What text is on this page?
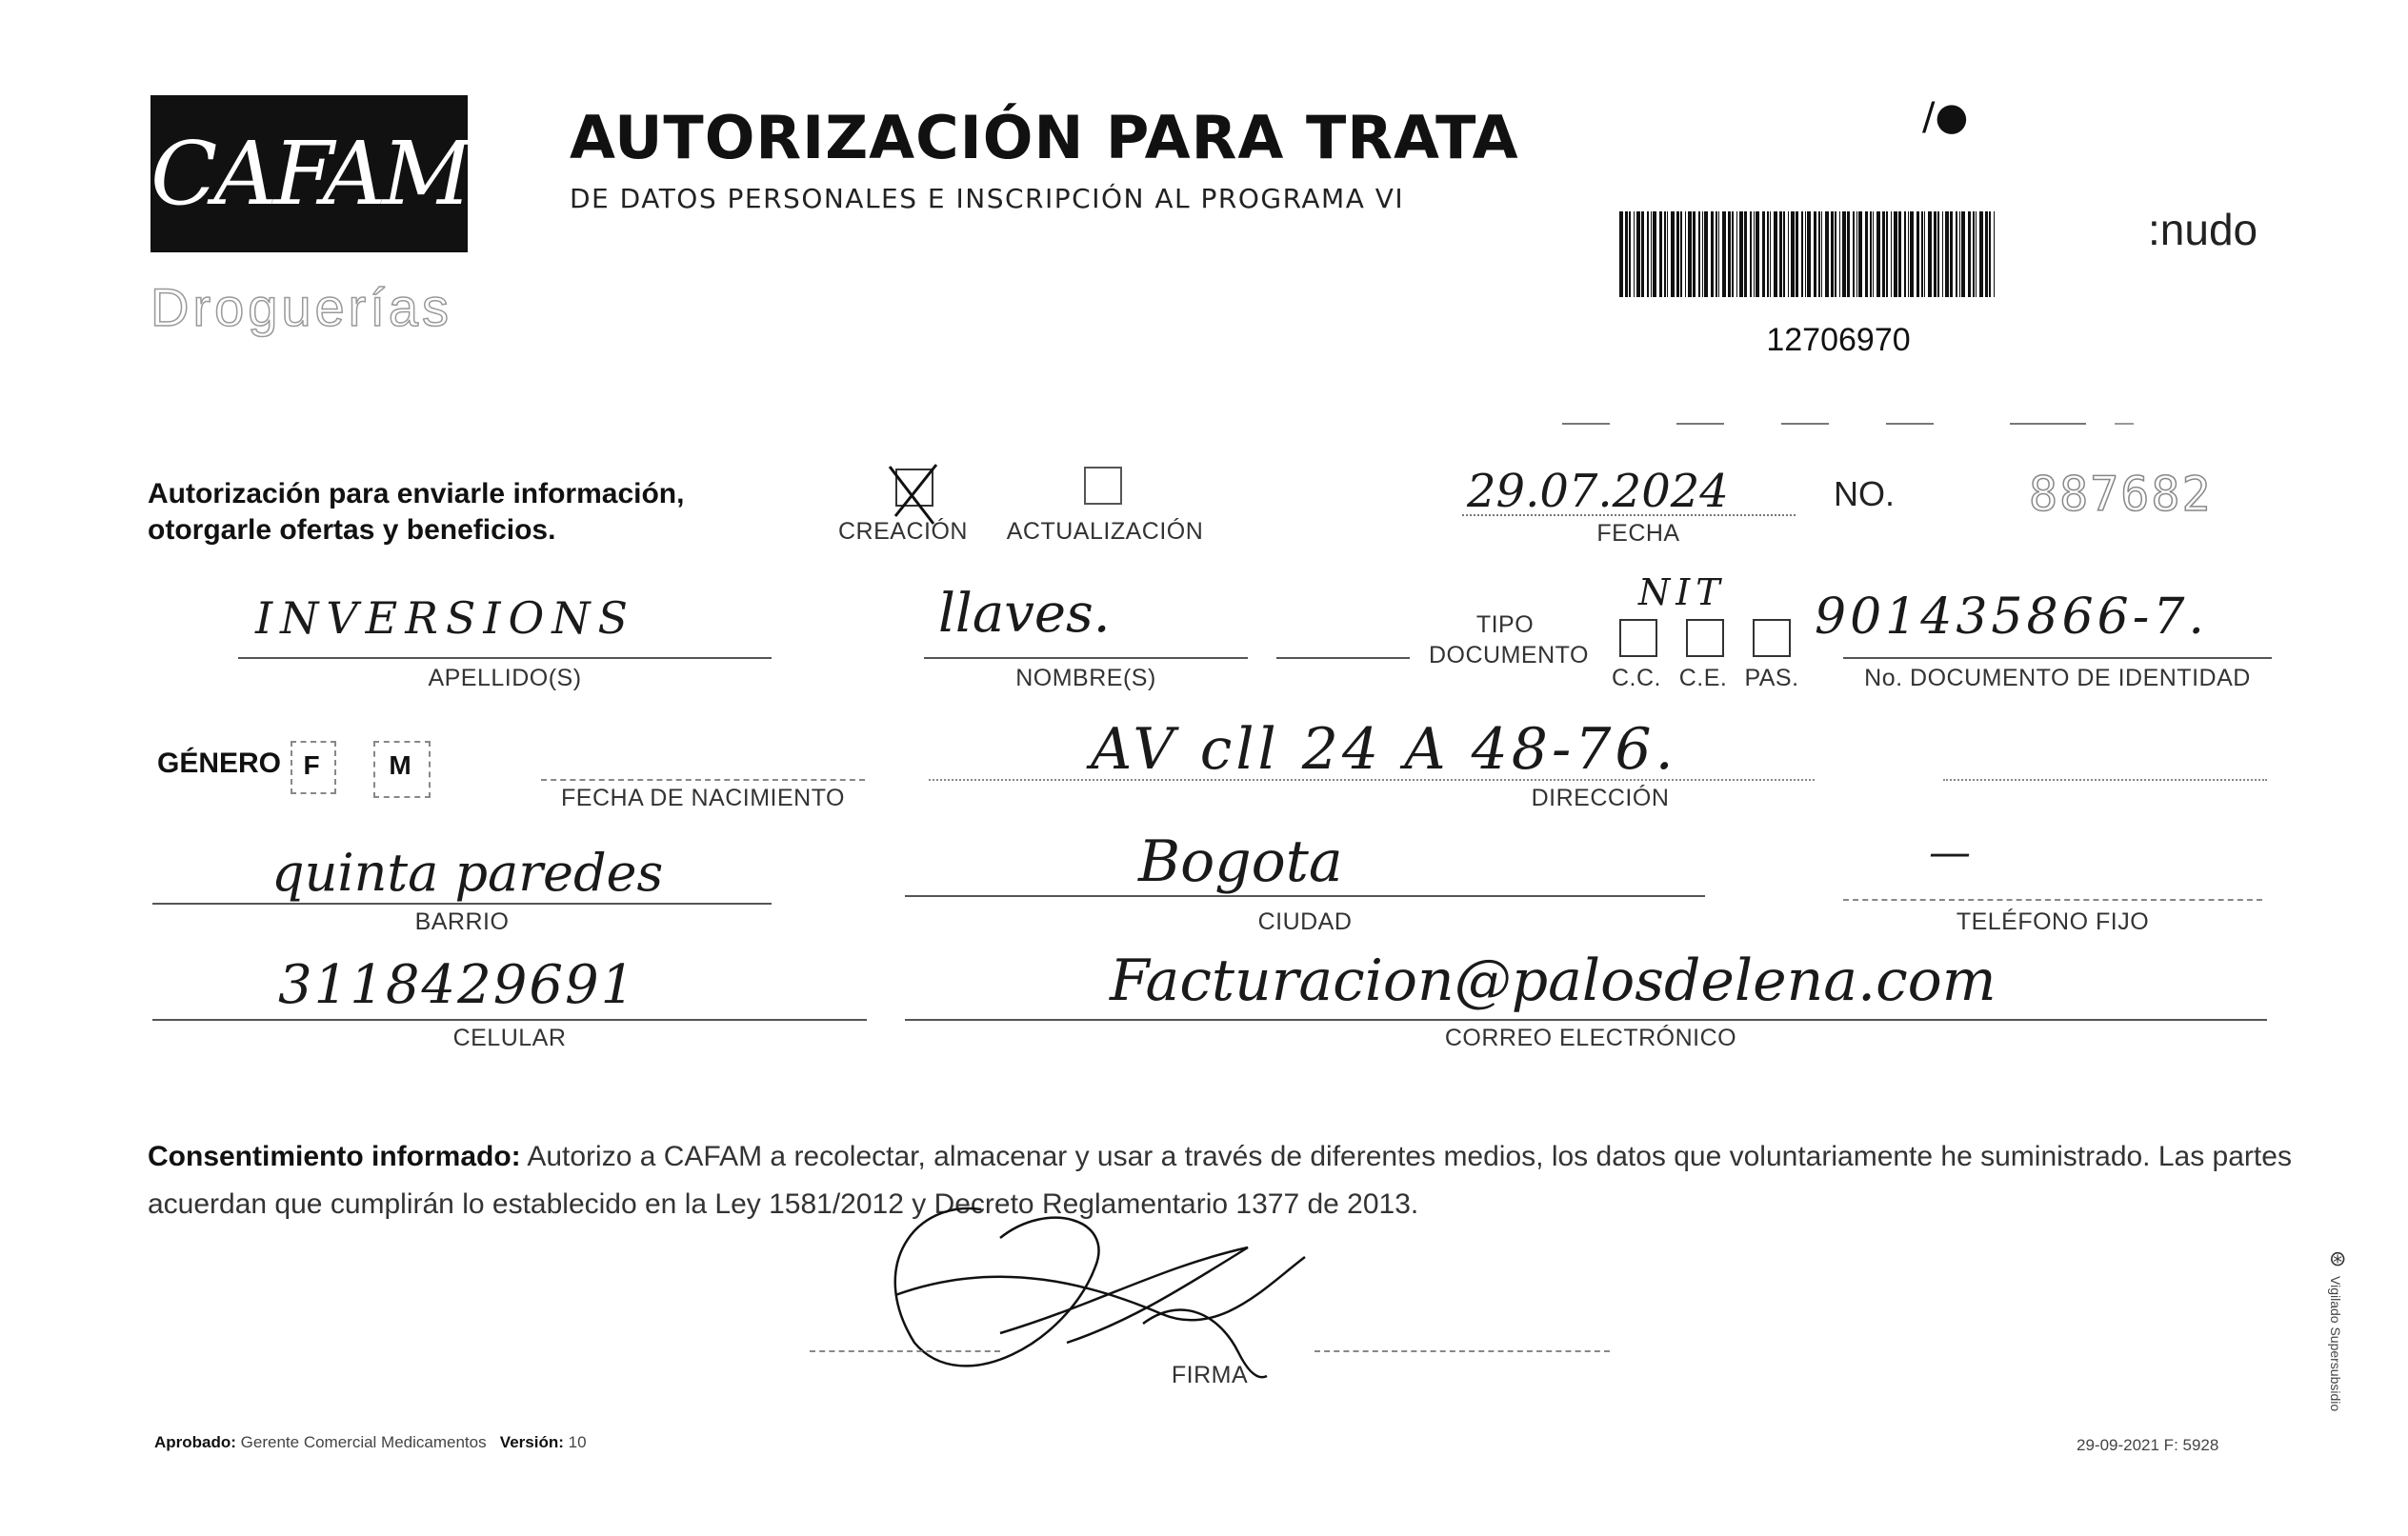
CAFAM
Droguerías
AUTORIZACIÓN PARA TRATA
DE DATOS PERSONALES E INSCRIPCIÓN AL PROGRAMA VI
/●
:nudo
12706970
Autorización para enviarle información, otorgarle ofertas y beneficios.	CREACIÓN ACTUALIZACIÓN
29.07.2024
FECHA
NO.	887682
INVERSIONS
APELLIDO(S)
llaves.
NOMBRE(S)
TIPO
DOCUMENTO
NIT
C.C. C.E. PAS.
901435866-7.
No. DOCUMENTO DE IDENTIDAD
GÉNERO F	M
FECHA DE NACIMIENTO
AV cll 24 A 48-76.
DIRECCIÓN
quinta paredes
BARRIO
Bogota
CIUDAD
—
TELÉFONO FIJO
3118429691
CELULAR
Facturacion@palosdelena.com
CORREO ELECTRÓNICO
Consentimiento informado: Autorizo a CAFAM a recolectar, almacenar y usar a través de diferentes medios, los datos que voluntariamente he suministrado. Las partes acuerdan que cumplirán lo establecido en la Ley 1581/2012 y Decreto Reglamentario 1377 de 2013.
FIRMA
Aprobado: Gerente Comercial Medicamentos Versión: 10	29-09-2021 F: 5928
⊛
Vigilado Supersubsidio
